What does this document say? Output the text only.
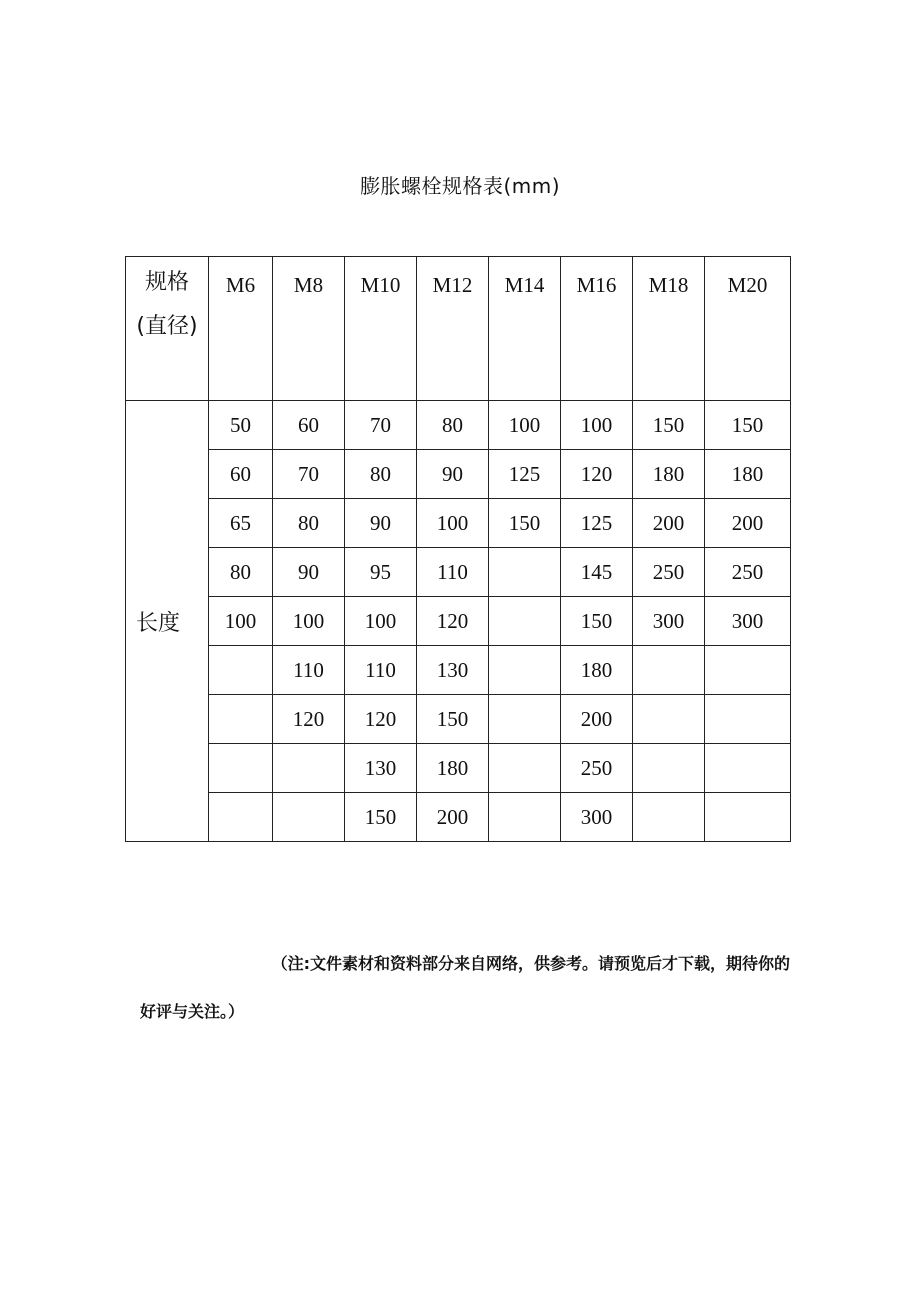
膨胀螺栓规格表(mm)
规格
(直径)	M6	M8	M10	M12	M14	M16	M18	M20
长度	50	60	70	80	100	100	150	150
	60	70	80	90	125	120	180	180
	65	80	90	100	150	125	200	200
	80	90	95	110		145	250	250
	100	100	100	120		150	300	300
		110	110	130		180		
		120	120	150		200		
			130	180		250		
			150	200		300		
（注:文件素材和资料部分来自网络，供参考。请预览后才下载，期待你的
好评与关注。）
